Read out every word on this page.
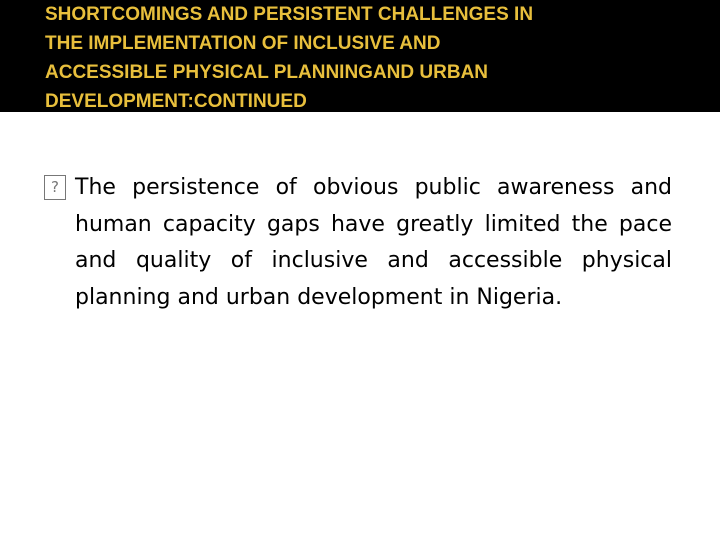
SHORTCOMINGS AND PERSISTENT CHALLENGES IN
THE IMPLEMENTATION OF INCLUSIVE AND
ACCESSIBLE PHYSICAL PLANNINGAND URBAN
DEVELOPMENT:CONTINUED

?
The persistence of obvious public awareness and human capacity gaps have greatly limited the pace and quality of inclusive and accessible physical planning and urban development in Nigeria.
